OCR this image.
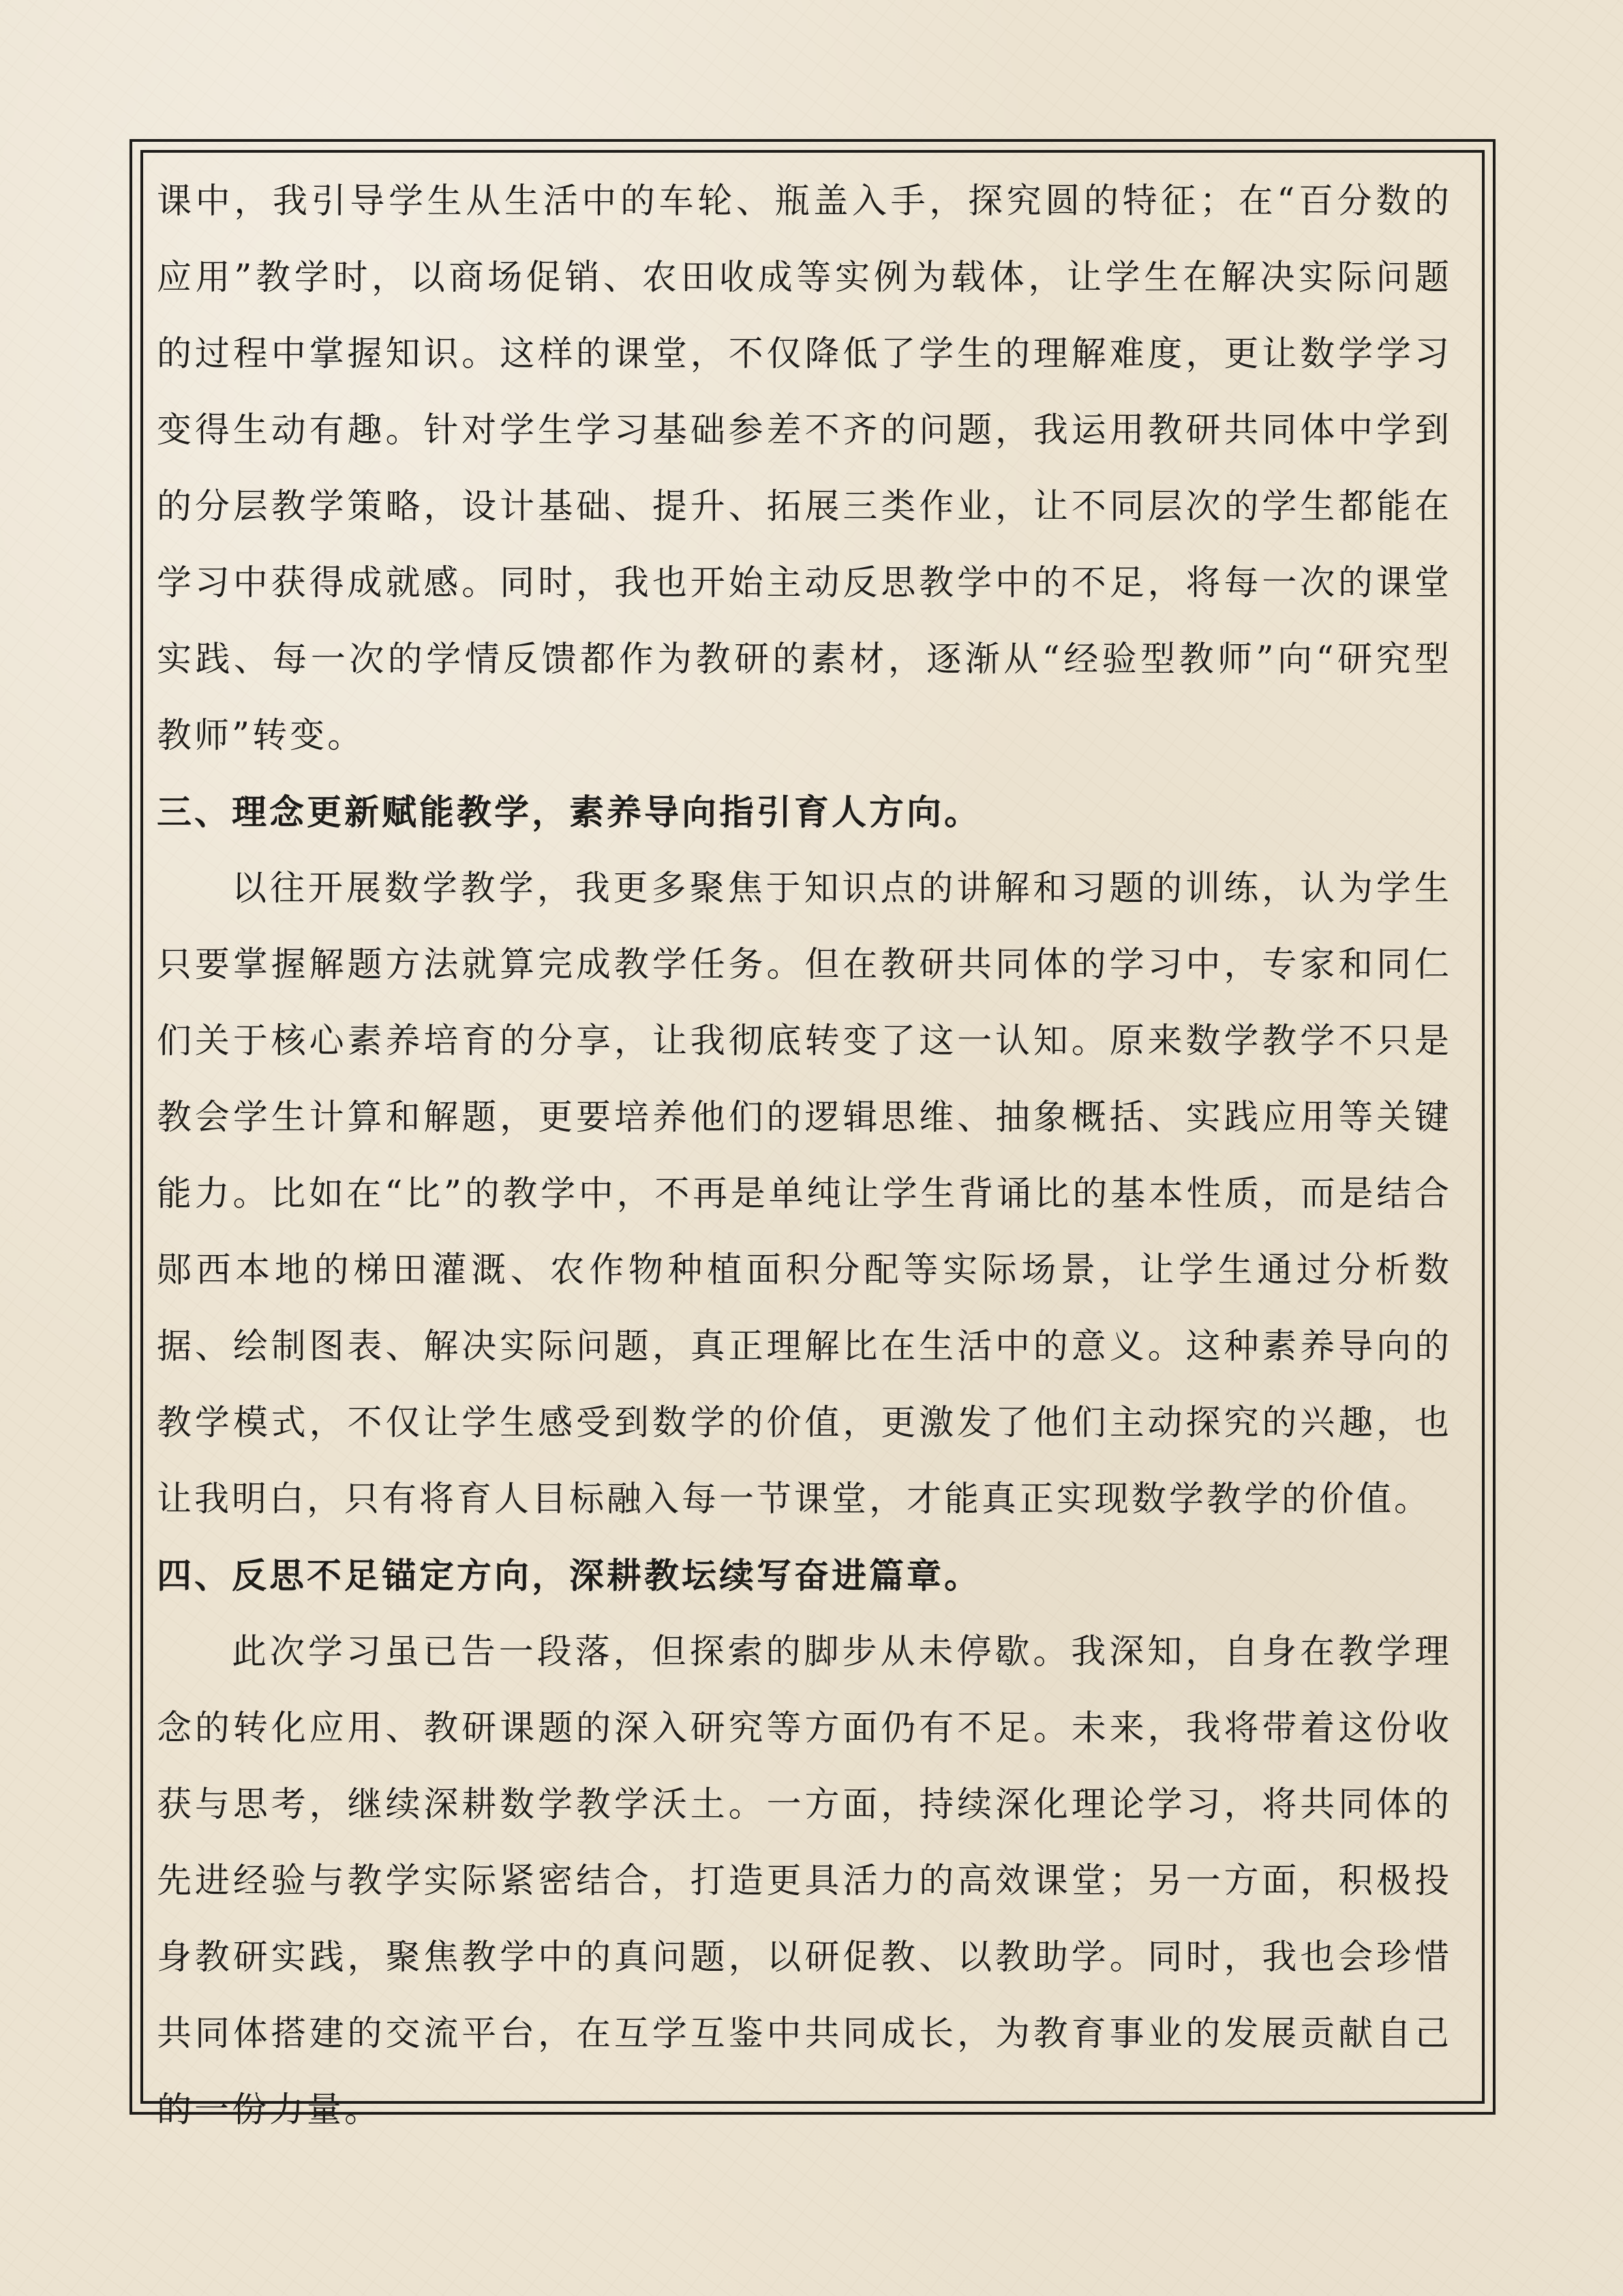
课中，我引导学生从生活中的车轮、瓶盖入手，探究圆的特征；在“百分数的应用”教学时，以商场促销、农田收成等实例为载体，让学生在解决实际问题的过程中掌握知识。这样的课堂，不仅降低了学生的理解难度，更让数学学习变得生动有趣。针对学生学习基础参差不齐的问题，我运用教研共同体中学到的分层教学策略，设计基础、提升、拓展三类作业，让不同层次的学生都能在学习中获得成就感。同时，我也开始主动反思教学中的不足，将每一次的课堂实践、每一次的学情反馈都作为教研的素材，逐渐从“经验型教师”向“研究型教师”转变。

三、理念更新赋能教学，素养导向指引育人方向。

以往开展数学教学，我更多聚焦于知识点的讲解和习题的训练，认为学生只要掌握解题方法就算完成教学任务。但在教研共同体的学习中，专家和同仁们关于核心素养培育的分享，让我彻底转变了这一认知。原来数学教学不只是教会学生计算和解题，更要培养他们的逻辑思维、抽象概括、实践应用等关键能力。比如在“比”的教学中，不再是单纯让学生背诵比的基本性质，而是结合郧西本地的梯田灌溉、农作物种植面积分配等实际场景，让学生通过分析数据、绘制图表、解决实际问题，真正理解比在生活中的意义。这种素养导向的教学模式，不仅让学生感受到数学的价值，更激发了他们主动探究的兴趣，也让我明白，只有将育人目标融入每一节课堂，才能真正实现数学教学的价值。

四、反思不足锚定方向，深耕教坛续写奋进篇章。

此次学习虽已告一段落，但探索的脚步从未停歇。我深知，自身在教学理念的转化应用、教研课题的深入研究等方面仍有不足。未来，我将带着这份收获与思考，继续深耕数学教学沃土。一方面，持续深化理论学习，将共同体的先进经验与教学实际紧密结合，打造更具活力的高效课堂；另一方面，积极投身教研实践，聚焦教学中的真问题，以研促教、以教助学。同时，我也会珍惜共同体搭建的交流平台，在互学互鉴中共同成长，为教育事业的发展贡献自己的一份力量。
